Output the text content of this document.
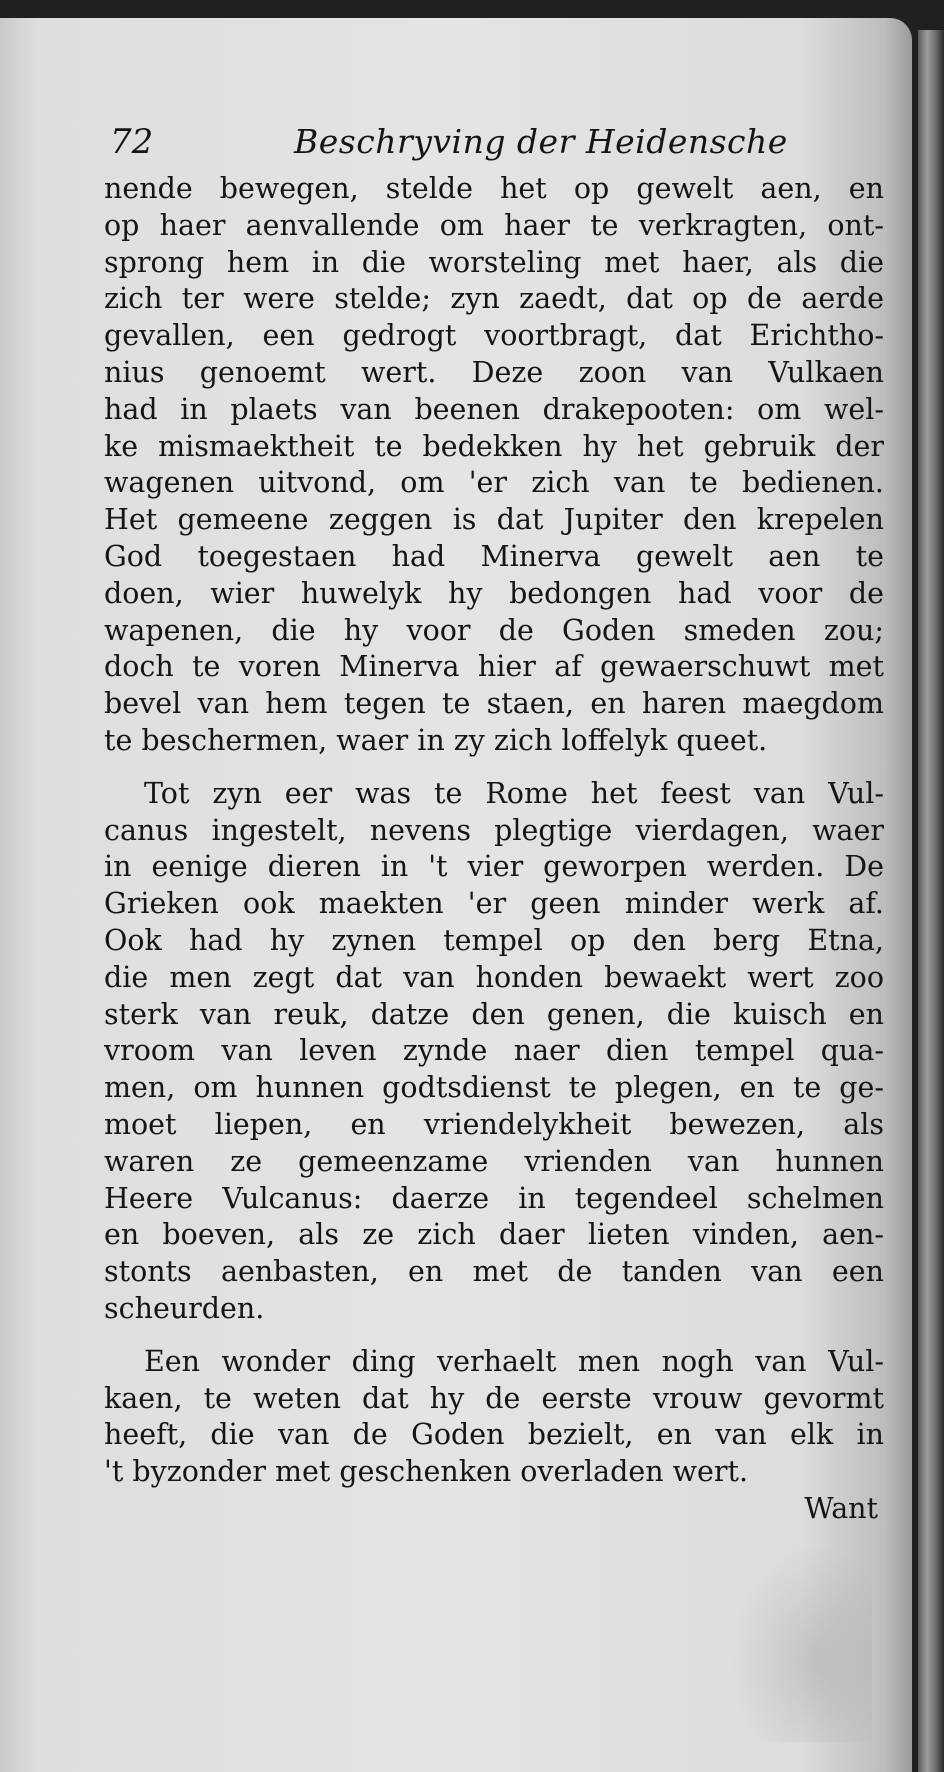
72	Beschryving der Heidensche
nende bewegen, stelde het op gewelt aen, en
op haer aenvallende om haer te verkragten, ont-
sprong hem in die worsteling met haer, als die
zich ter were stelde; zyn zaedt, dat op de aerde
gevallen, een gedrogt voortbragt, dat Erichtho-
nius genoemt wert. Deze zoon van Vulkaen
had in plaets van beenen drakepooten: om wel-
ke mismaektheit te bedekken hy het gebruik der
wagenen uitvond, om 'er zich van te bedienen.
Het gemeene zeggen is dat Jupiter den krepelen
God toegestaen had Minerva gewelt aen te
doen, wier huwelyk hy bedongen had voor de
wapenen, die hy voor de Goden smeden zou;
doch te voren Minerva hier af gewaerschuwt met
bevel van hem tegen te staen, en haren maegdom
te beschermen, waer in zy zich loffelyk queet.
Tot zyn eer was te Rome het feest van Vul-
canus ingestelt, nevens plegtige vierdagen, waer
in eenige dieren in 't vier geworpen werden. De
Grieken ook maekten 'er geen minder werk af.
Ook had hy zynen tempel op den berg Etna,
die men zegt dat van honden bewaekt wert zoo
sterk van reuk, datze den genen, die kuisch en
vroom van leven zynde naer dien tempel qua-
men, om hunnen godtsdienst te plegen, en te ge-
moet liepen, en vriendelykheit bewezen, als
waren ze gemeenzame vrienden van hunnen
Heere Vulcanus: daerze in tegendeel schelmen
en boeven, als ze zich daer lieten vinden, aen-
stonts aenbasten, en met de tanden van een
scheurden.
Een wonder ding verhaelt men nogh van Vul-
kaen, te weten dat hy de eerste vrouw gevormt
heeft, die van de Goden bezielt, en van elk in
't byzonder met geschenken overladen wert.
Want
